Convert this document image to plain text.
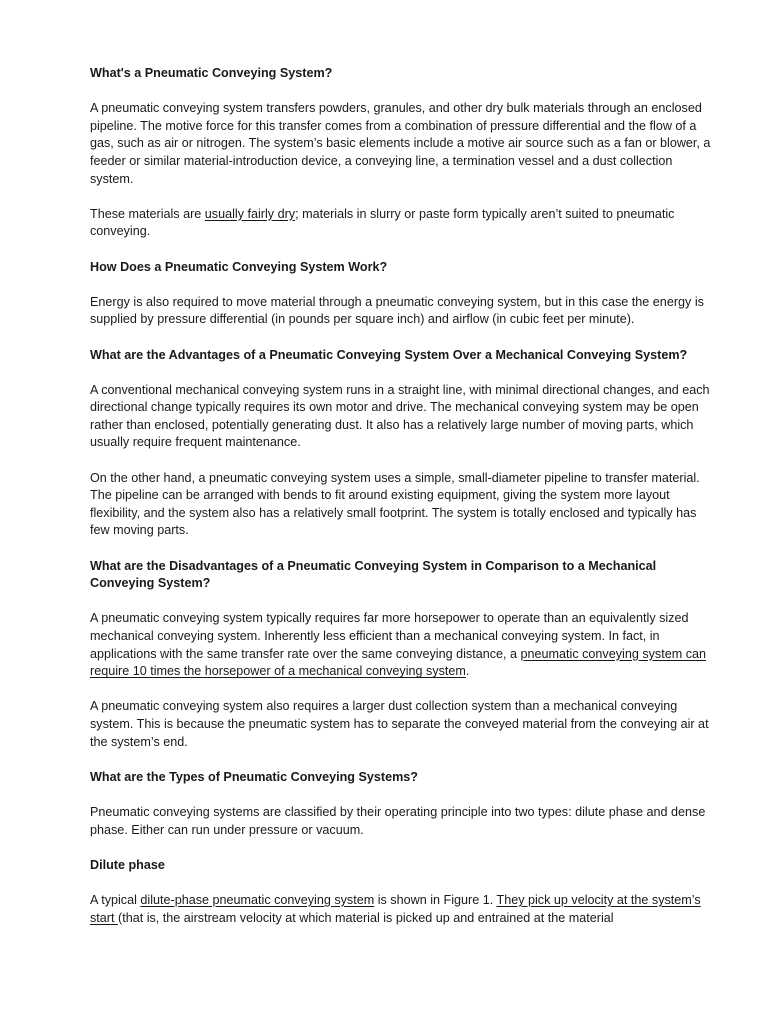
What's a Pneumatic Conveying System?
A pneumatic conveying system transfers powders, granules, and other dry bulk materials through an enclosed pipeline. The motive force for this transfer comes from a combination of pressure differential and the flow of a gas, such as air or nitrogen. The system’s basic elements include a motive air source such as a fan or blower, a feeder or similar material-introduction device, a conveying line, a termination vessel and a dust collection system.
These materials are usually fairly dry; materials in slurry or paste form typically aren’t suited to pneumatic conveying.
How Does a Pneumatic Conveying System Work?
Energy is also required to move material through a pneumatic conveying system, but in this case the energy is supplied by pressure differential (in pounds per square inch) and airflow (in cubic feet per minute).
What are the Advantages of a Pneumatic Conveying System Over a Mechanical Conveying System?
A conventional mechanical conveying system runs in a straight line, with minimal directional changes, and each directional change typically requires its own motor and drive. The mechanical conveying system may be open rather than enclosed, potentially generating dust. It also has a relatively large number of moving parts, which usually require frequent maintenance.
On the other hand, a pneumatic conveying system uses a simple, small-diameter pipeline to transfer material. The pipeline can be arranged with bends to fit around existing equipment, giving the system more layout flexibility, and the system also has a relatively small footprint. The system is totally enclosed and typically has few moving parts.
What are the Disadvantages of a Pneumatic Conveying System in Comparison to a Mechanical Conveying System?
A pneumatic conveying system typically requires far more horsepower to operate than an equivalently sized mechanical conveying system. Inherently less efficient than a mechanical conveying system. In fact, in applications with the same transfer rate over the same conveying distance, a pneumatic conveying system can require 10 times the horsepower of a mechanical conveying system.
A pneumatic conveying system also requires a larger dust collection system than a mechanical conveying system. This is because the pneumatic system has to separate the conveyed material from the conveying air at the system’s end.
What are the Types of Pneumatic Conveying Systems?
Pneumatic conveying systems are classified by their operating principle into two types: dilute phase and dense phase. Either can run under pressure or vacuum.
Dilute phase
A typical dilute-phase pneumatic conveying system is shown in Figure 1. They pick up velocity at the system’s start (that is, the airstream velocity at which material is picked up and entrained at the material
